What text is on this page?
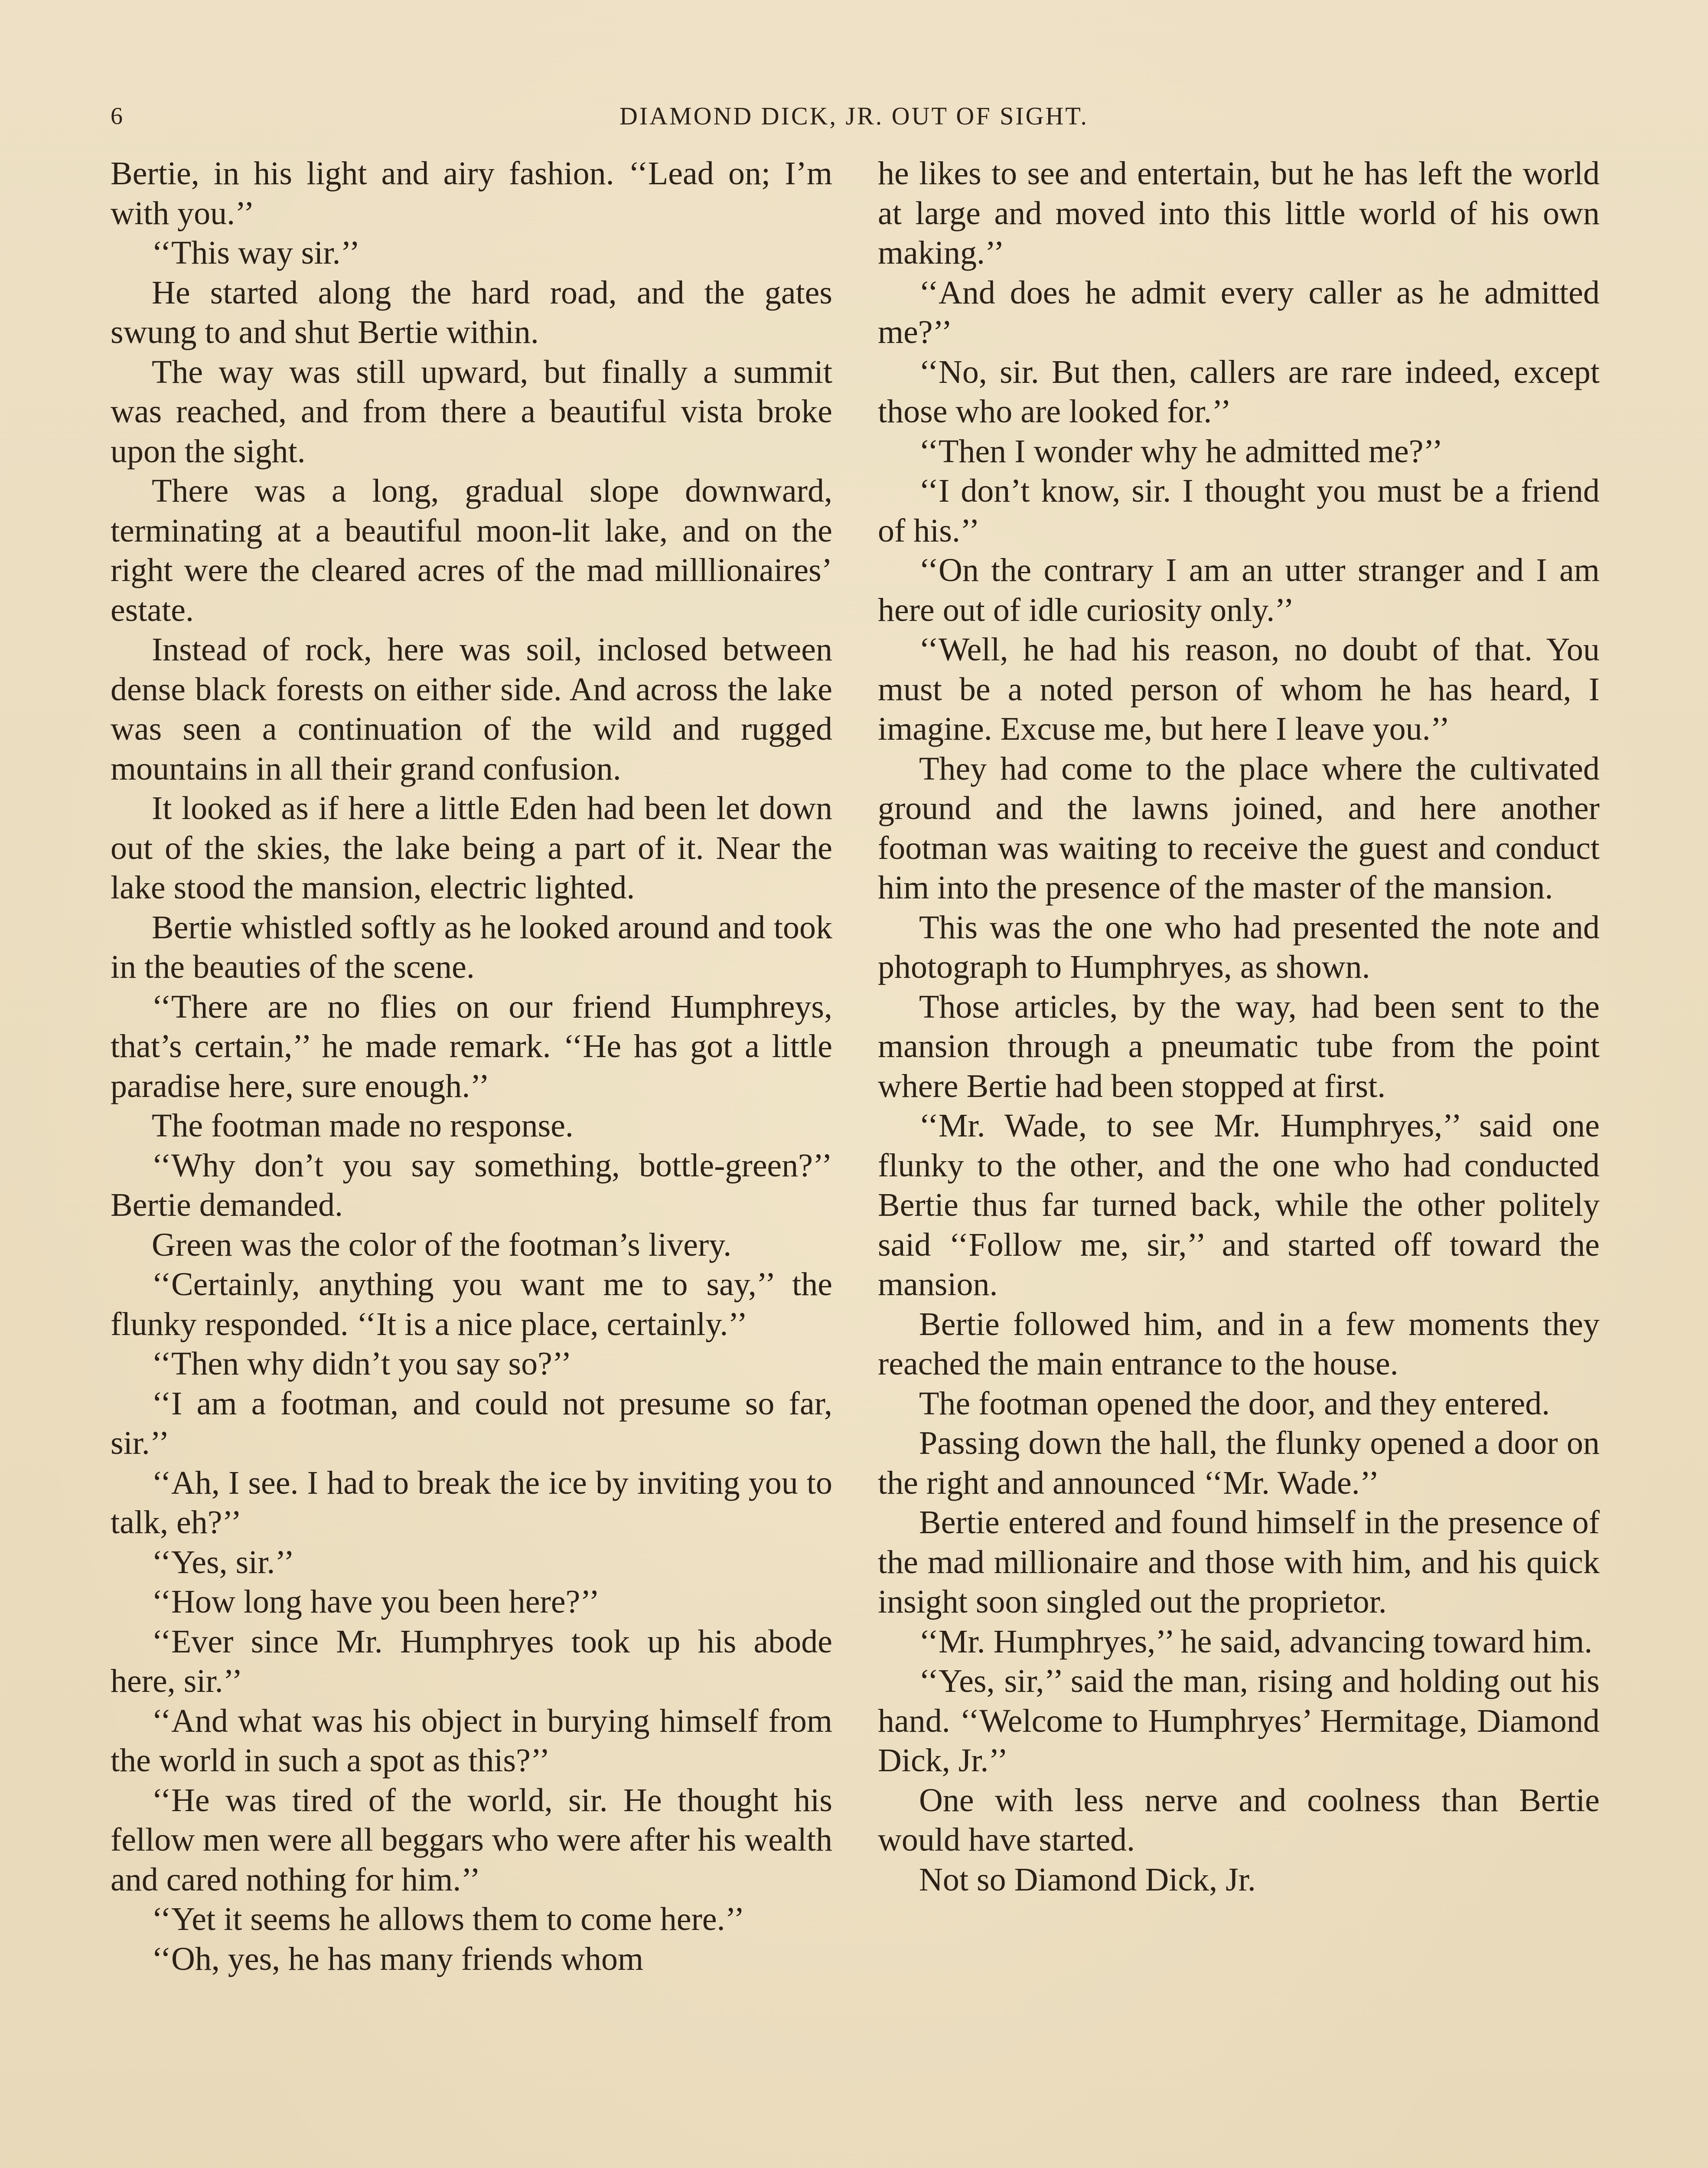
6	DIAMOND DICK, JR. OUT OF SIGHT.

Bertie, in his light and airy fashion. ‘‘Lead on; I’m with you.’’

‘‘This way sir.’’

He started along the hard road, and the gates swung to and shut Bertie within.

The way was still upward, but finally a summit was reached, and from there a beautiful vista broke upon the sight.

There was a long, gradual slope downward, terminating at a beautiful moon-lit lake, and on the right were the cleared acres of the mad milllionaires’ estate.

Instead of rock, here was soil, inclosed between dense black forests on either side. And across the lake was seen a continuation of the wild and rugged mountains in all their grand confusion.

It looked as if here a little Eden had been let down out of the skies, the lake being a part of it. Near the lake stood the mansion, electric lighted.

Bertie whistled softly as he looked around and took in the beauties of the scene.

‘‘There are no flies on our friend Humphreys, that’s certain,’’ he made remark. ‘‘He has got a little paradise here, sure enough.’’

The footman made no response.

‘‘Why don’t you say something, bottle-green?’’ Bertie demanded.

Green was the color of the footman’s livery.

‘‘Certainly, anything you want me to say,’’ the flunky responded. ‘‘It is a nice place, certainly.’’

‘‘Then why didn’t you say so?’’

‘‘I am a footman, and could not presume so far, sir.’’

‘‘Ah, I see. I had to break the ice by inviting you to talk, eh?’’

‘‘Yes, sir.’’

‘‘How long have you been here?’’

‘‘Ever since Mr. Humphryes took up his abode here, sir.’’

‘‘And what was his object in burying himself from the world in such a spot as this?’’

‘‘He was tired of the world, sir. He thought his fellow men were all beggars who were after his wealth and cared nothing for him.’’

‘‘Yet it seems he allows them to come here.’’

‘‘Oh, yes, he has many friends whom

he likes to see and entertain, but he has left the world at large and moved into this little world of his own making.’’

‘‘And does he admit every caller as he admitted me?’’

‘‘No, sir. But then, callers are rare indeed, except those who are looked for.’’

‘‘Then I wonder why he admitted me?’’

‘‘I don’t know, sir. I thought you must be a friend of his.’’

‘‘On the contrary I am an utter stranger and I am here out of idle curiosity only.’’

‘‘Well, he had his reason, no doubt of that. You must be a noted person of whom he has heard, I imagine. Excuse me, but here I leave you.’’

They had come to the place where the cultivated ground and the lawns joined, and here another footman was waiting to receive the guest and conduct him into the presence of the master of the mansion.

This was the one who had presented the note and photograph to Humphryes, as shown.

Those articles, by the way, had been sent to the mansion through a pneumatic tube from the point where Bertie had been stopped at first.

‘‘Mr. Wade, to see Mr. Humphryes,’’ said one flunky to the other, and the one who had conducted Bertie thus far turned back, while the other politely said ‘‘Follow me, sir,’’ and started off toward the mansion.

Bertie followed him, and in a few moments they reached the main entrance to the house.

The footman opened the door, and they entered.

Passing down the hall, the flunky opened a door on the right and announced ‘‘Mr. Wade.’’

Bertie entered and found himself in the presence of the mad millionaire and those with him, and his quick insight soon singled out the proprietor.

‘‘Mr. Humphryes,’’ he said, advancing toward him.

‘‘Yes, sir,’’ said the man, rising and holding out his hand. ‘‘Welcome to Humphryes’ Hermitage, Diamond Dick, Jr.’’

One with less nerve and coolness than Bertie would have started.

Not so Diamond Dick, Jr.
